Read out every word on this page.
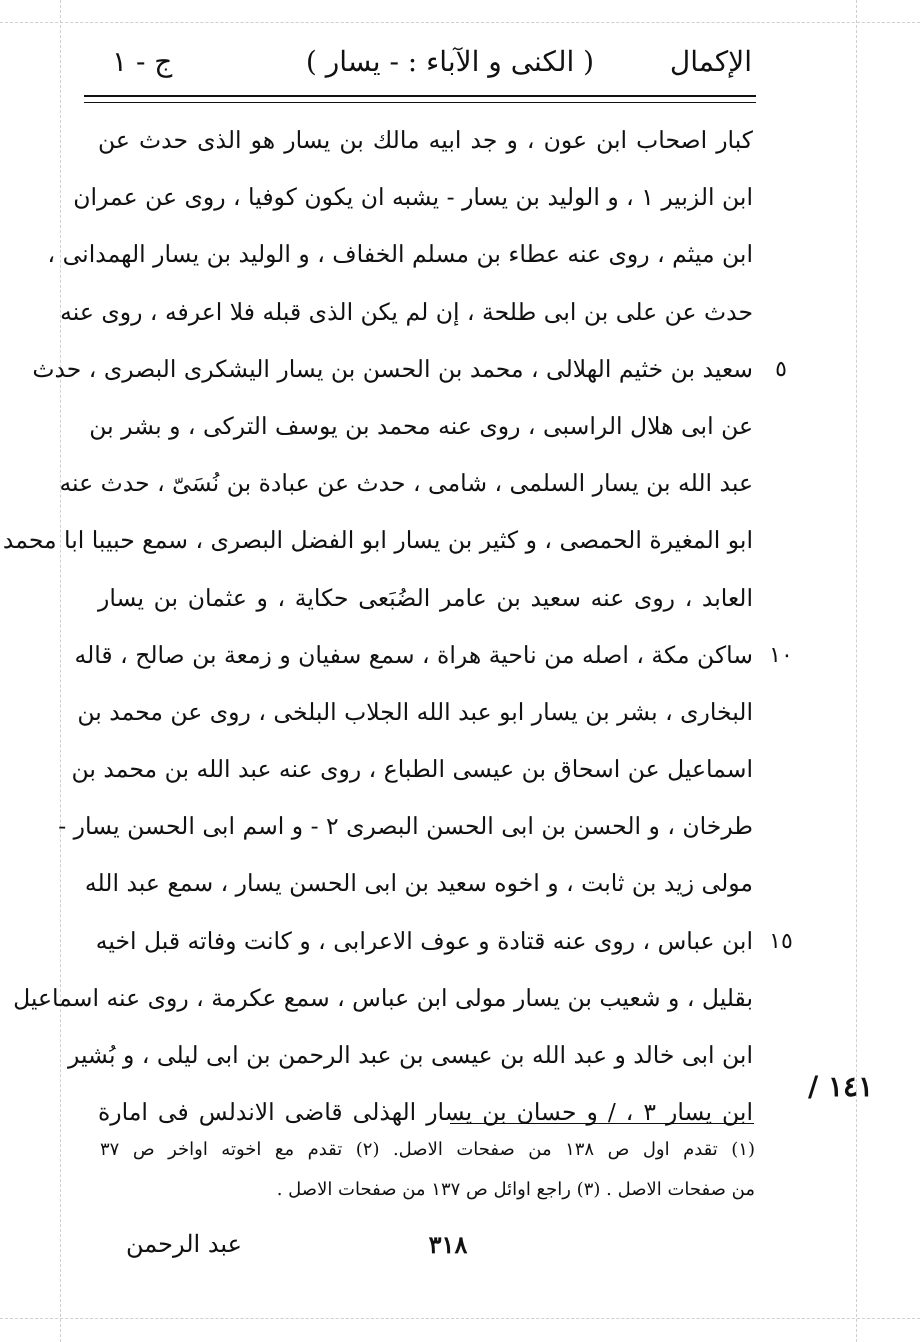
الإكمال
( الكنى و الآباء : - يسار )
ج - ١
كبار اصحاب ابن عون ، و جد ابيه مالك بن يسار هو الذى حدث عن
ابن الزبير ١ ، و الوليد بن يسار - يشبه ان يكون كوفيا ، روى عن عمران
ابن ميثم ، روى عنه عطاء بن مسلم الخفاف ، و الوليد بن يسار الهمدانى ،
حدث عن على بن ابى طلحة ، إن لم يكن الذى قبله فلا اعرفه ، روى عنه
سعيد بن خثيم الهلالى ، محمد بن الحسن بن يسار اليشكرى البصرى ، حدث
عن ابى هلال الراسبى ، روى عنه محمد بن يوسف التركى ، و بشر بن
عبد الله بن يسار السلمى ، شامى ، حدث عن عبادة بن نُسَىّ ، حدث عنه
ابو المغيرة الحمصى ، و كثير بن يسار ابو الفضل البصرى ، سمع حبيبا ابا محمد
العابد ، روى عنه سعيد بن عامر الضُبَعى حكاية ، و عثمان بن يسار
ساكن مكة ، اصله من ناحية هراة ، سمع سفيان و زمعة بن صالح ، قاله
البخارى ، بشر بن يسار ابو عبد الله الجلاب البلخى ، روى عن محمد بن
اسماعيل عن اسحاق بن عيسى الطباع ، روى عنه عبد الله بن محمد بن
طرخان ، و الحسن بن ابى الحسن البصرى ٢ - و اسم ابى الحسن يسار -
مولى زيد بن ثابت ، و اخوه سعيد بن ابى الحسن يسار ، سمع عبد الله
ابن عباس ، روى عنه قتادة و عوف الاعرابى ، و كانت وفاته قبل اخيه
بقليل ، و شعيب بن يسار مولى ابن عباس ، سمع عكرمة ، روى عنه اسماعيل
ابن ابى خالد و عبد الله بن عيسى بن عبد الرحمن بن ابى ليلى ، و بُشير
ابن يسار ٣ ، / و حسان بن يسار الهذلى قاضى الاندلس فى امارة
٥
١٠
١٥
١٤١ /
(١) تقدم اول ص ١٣٨ من صفحات الاصل. (٢) تقدم مع اخوته اواخر ص ٣٧
من صفحات الاصل . (٣) راجع اوائل ص ١٣٧ من صفحات الاصل .
٣١٨
عبد الرحمن
